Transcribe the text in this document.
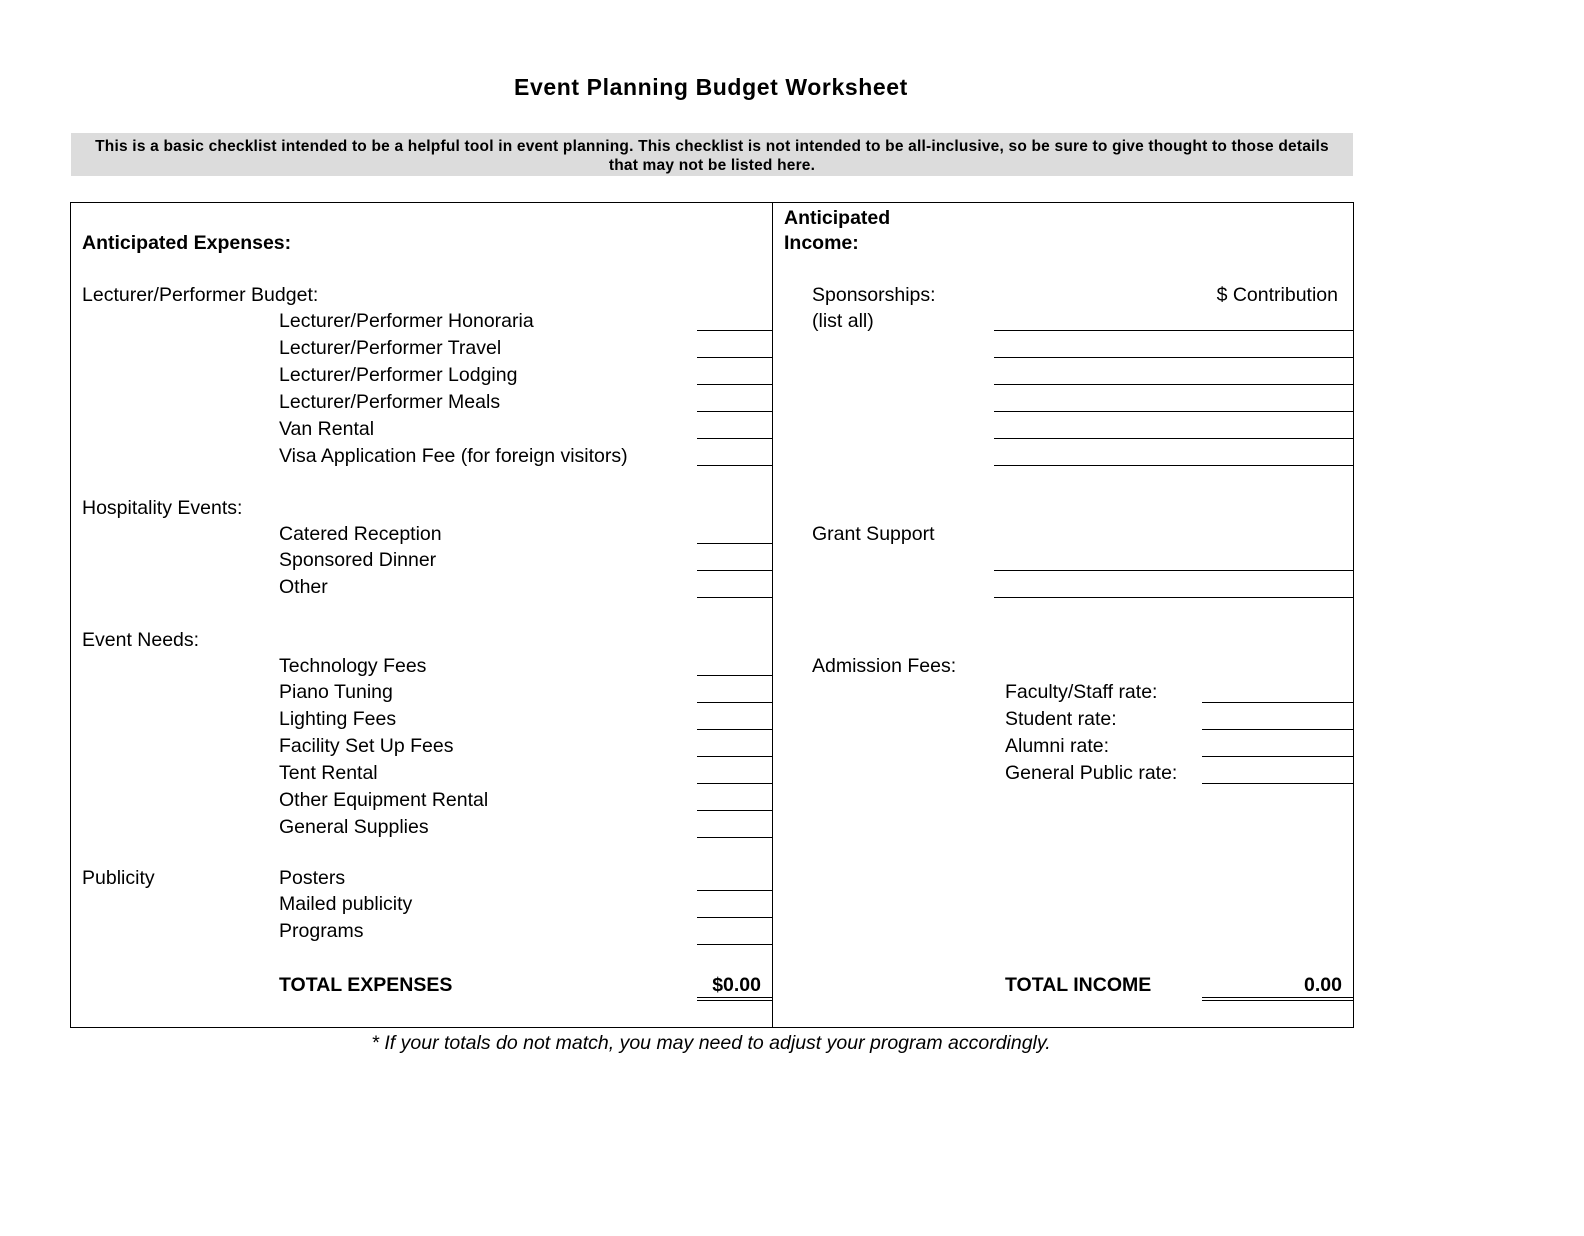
Event Planning Budget Worksheet
This is a basic checklist intended to be a helpful tool in event planning. This checklist is not intended to be all-inclusive, so be sure to give thought to those details that may not be listed here.
Anticipated Expenses:
Lecturer/Performer Budget:
Lecturer/Performer Honoraria
Lecturer/Performer Travel
Lecturer/Performer Lodging
Lecturer/Performer Meals
Van Rental
Visa Application Fee (for foreign visitors)
Hospitality Events:
Catered Reception
Sponsored Dinner
Other
Event Needs:
Technology Fees
Piano Tuning
Lighting Fees
Facility Set Up Fees
Tent Rental
Other Equipment Rental
General Supplies
Publicity	Posters
Mailed publicity
Programs
TOTAL EXPENSES	$0.00
Anticipated
Income:
Sponsorships:
(list all)
$ Contribution
Grant Support
Admission Fees:
Faculty/Staff rate:
Student rate:
Alumni rate:
General Public rate:
TOTAL INCOME	0.00
* If your totals do not match, you may need to adjust your program accordingly.
